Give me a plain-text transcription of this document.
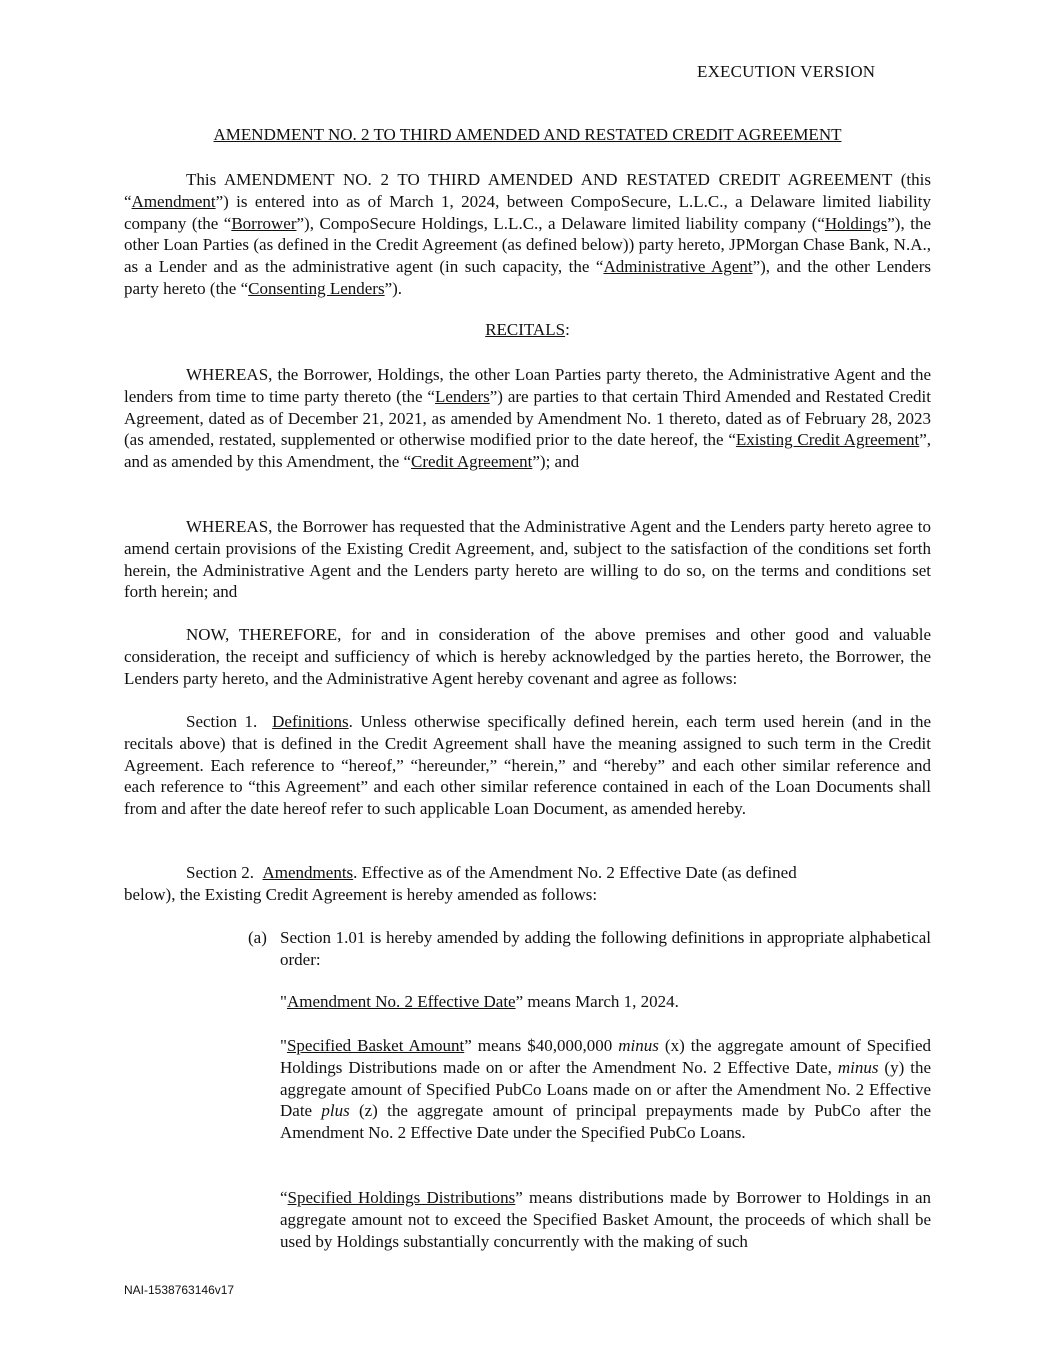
EXECUTION VERSION
AMENDMENT NO. 2 TO THIRD AMENDED AND RESTATED CREDIT AGREEMENT

This AMENDMENT NO. 2 TO THIRD AMENDED AND RESTATED CREDIT AGREEMENT (this “Amendment”) is entered into as of March 1, 2024, between CompoSecure, L.L.C., a Delaware limited liability company (the “Borrower”), CompoSecure Holdings, L.L.C., a Delaware limited liability company (“Holdings”), the other Loan Parties (as defined in the Credit Agreement (as defined below)) party hereto, JPMorgan Chase Bank, N.A., as a Lender and as the administrative agent (in such capacity, the “Administrative Agent”), and the other Lenders party hereto (the “Consenting Lenders”).

RECITALS:

WHEREAS, the Borrower, Holdings, the other Loan Parties party thereto, the Administrative Agent and the lenders from time to time party thereto (the “Lenders”) are parties to that certain Third Amended and Restated Credit Agreement, dated as of December 21, 2021, as amended by Amendment No. 1 thereto, dated as of February 28, 2023 (as amended, restated, supplemented or otherwise modified prior to the date hereof, the “Existing Credit Agreement”, and as amended by this Amendment, the “Credit Agreement”); and

WHEREAS, the Borrower has requested that the Administrative Agent and the Lenders party hereto agree to amend certain provisions of the Existing Credit Agreement, and, subject to the satisfaction of the conditions set forth herein, the Administrative Agent and the Lenders party hereto are willing to do so, on the terms and conditions set forth herein; and

NOW, THEREFORE, for and in consideration of the above premises and other good and valuable consideration, the receipt and sufficiency of which is hereby acknowledged by the parties hereto, the Borrower, the Lenders party hereto, and the Administrative Agent hereby covenant and agree as follows:

Section 1. Definitions. Unless otherwise specifically defined herein, each term used herein (and in the recitals above) that is defined in the Credit Agreement shall have the meaning assigned to such term in the Credit Agreement. Each reference to “hereof,” “hereunder,” “herein,” and “hereby” and each other similar reference and each reference to “this Agreement” and each other similar reference contained in each of the Loan Documents shall from and after the date hereof refer to such applicable Loan Document, as amended hereby.

Section 2. Amendments. Effective as of the Amendment No. 2 Effective Date (as defined
below), the Existing Credit Agreement is hereby amended as follows:

(a) Section 1.01 is hereby amended by adding the following definitions in appropriate alphabetical order:

"Amendment No. 2 Effective Date” means March 1, 2024.

"Specified Basket Amount” means $40,000,000 minus (x) the aggregate amount of Specified Holdings Distributions made on or after the Amendment No. 2 Effective Date, minus (y) the aggregate amount of Specified PubCo Loans made on or after the Amendment No. 2 Effective Date plus (z) the aggregate amount of principal prepayments made by PubCo after the Amendment No. 2 Effective Date under the Specified PubCo Loans.

“Specified Holdings Distributions” means distributions made by Borrower to Holdings in an aggregate amount not to exceed the Specified Basket Amount, the proceeds of which shall be used by Holdings substantially concurrently with the making of such

NAI-1538763146v17
